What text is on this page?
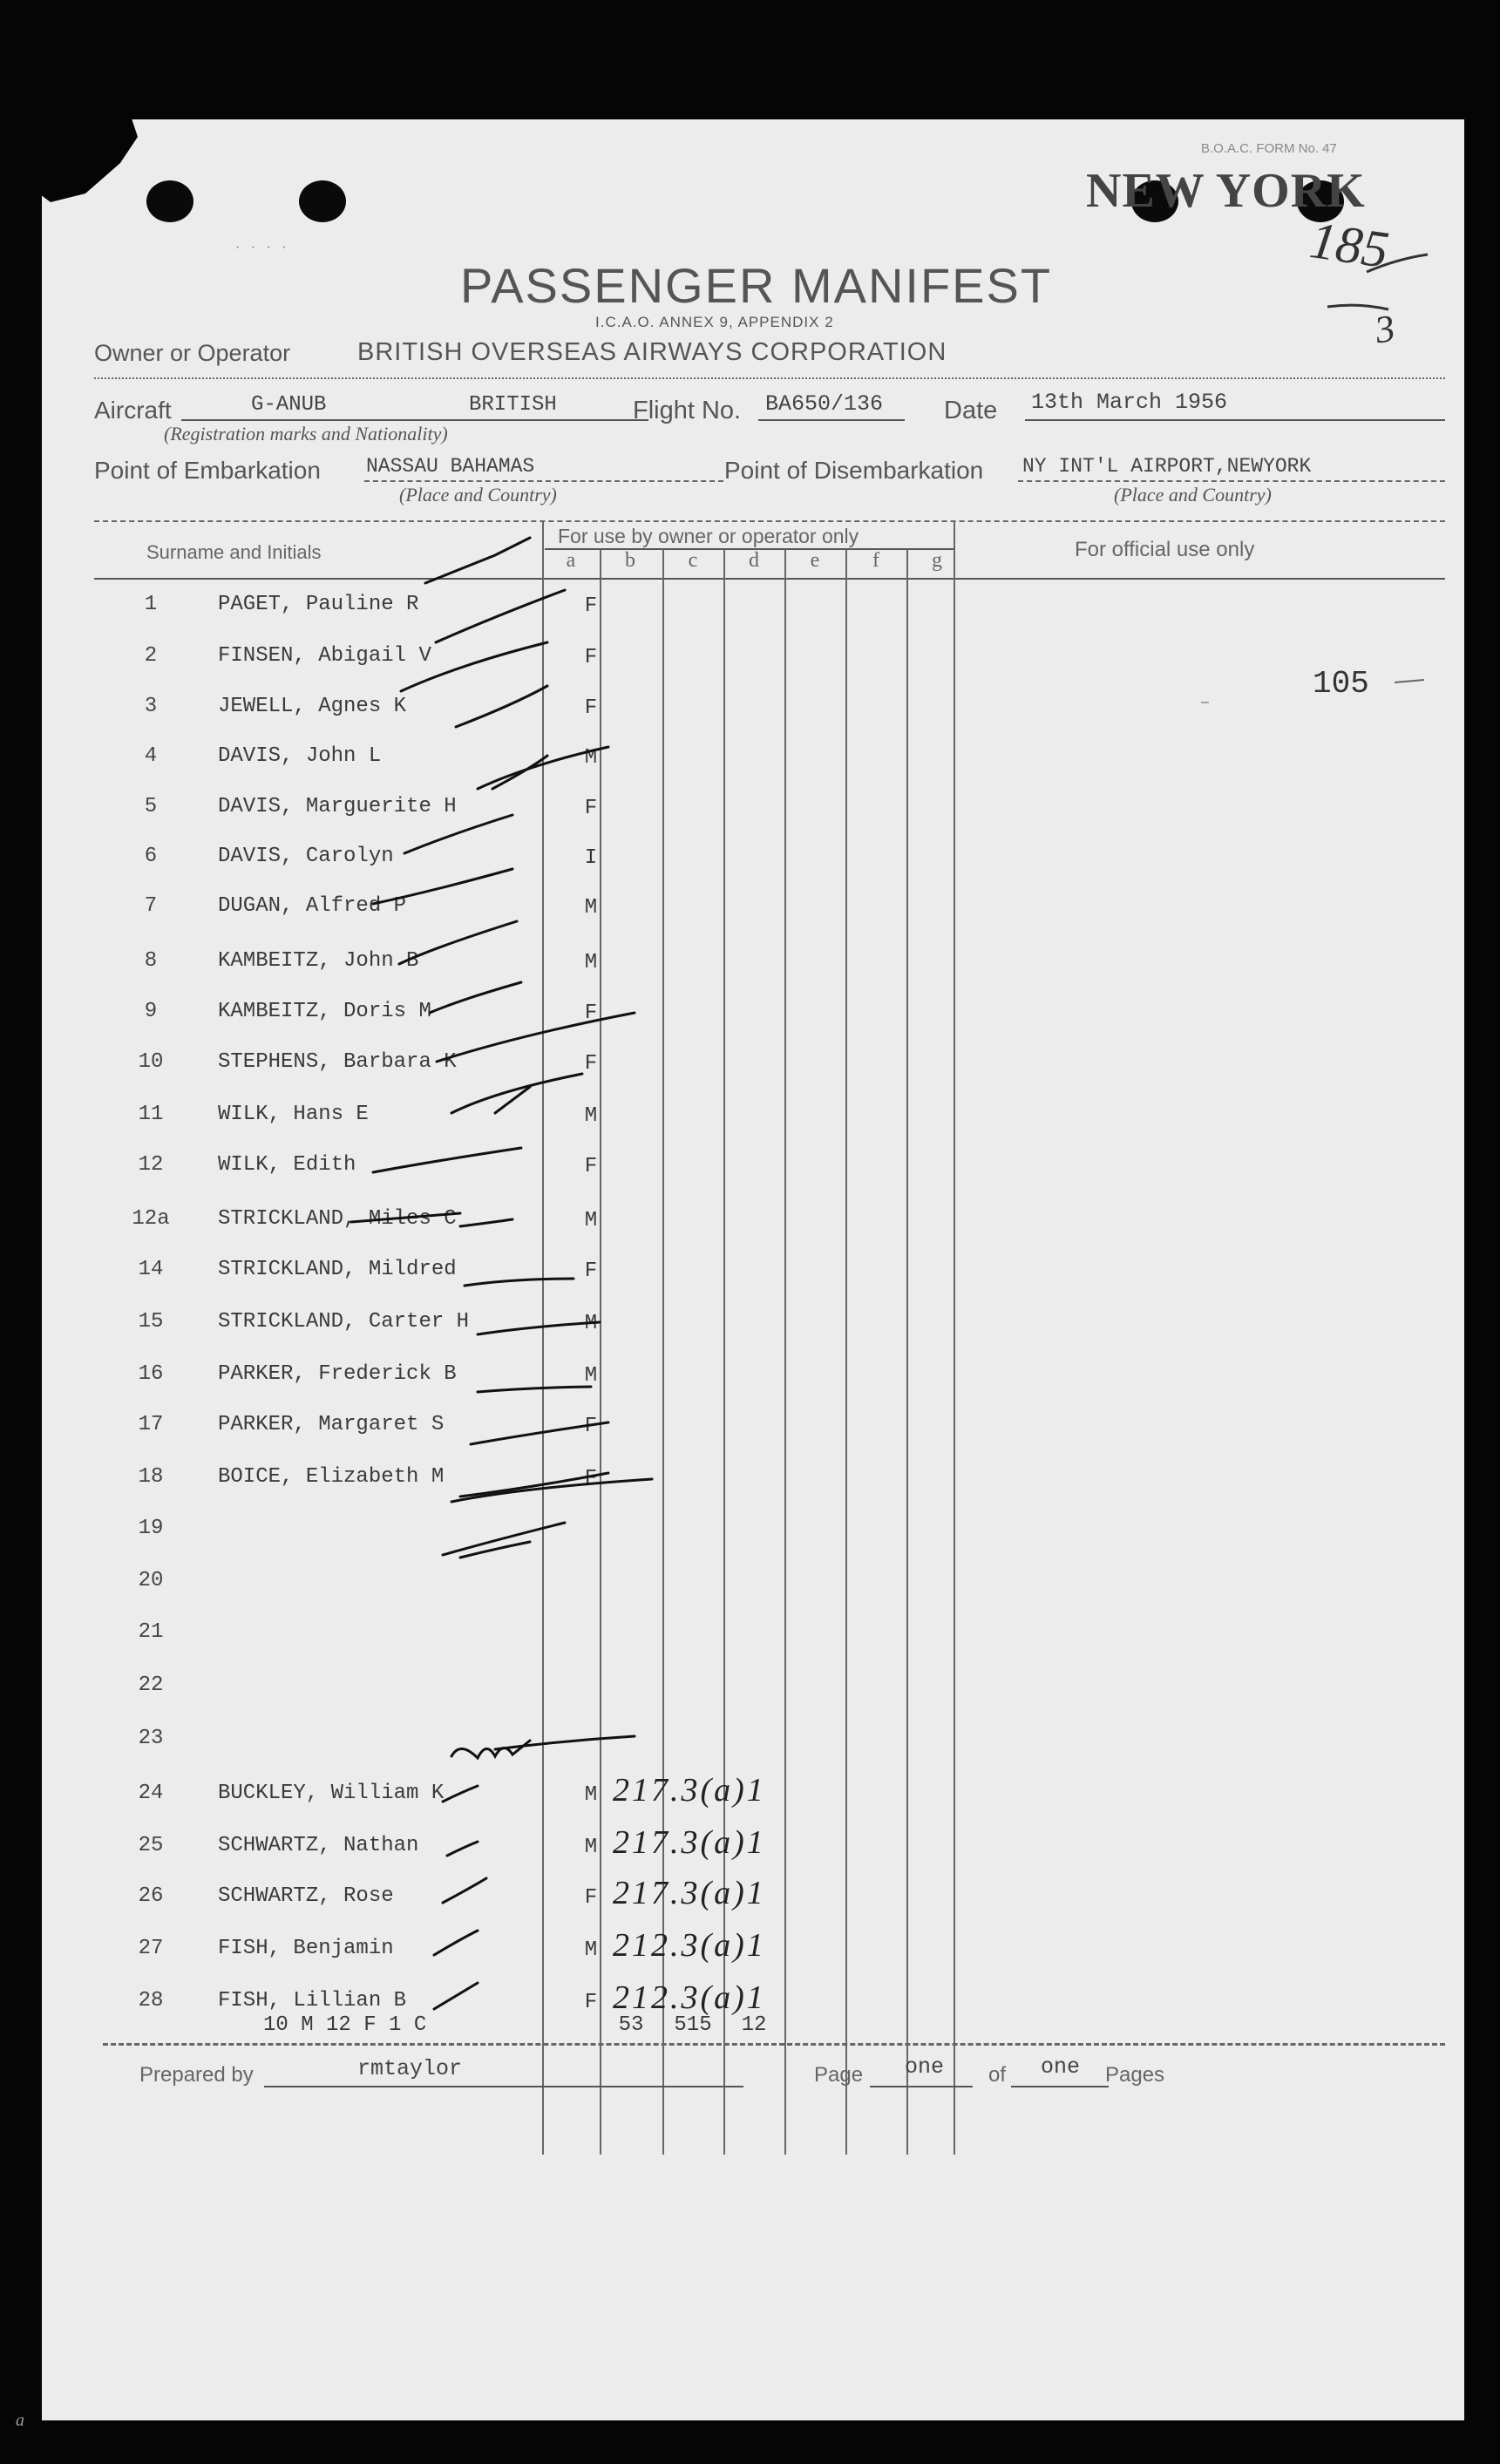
· · · ·
B.O.A.C. FORM No. 47
NEW YORK
185
3
PASSENGER MANIFEST
I.C.A.O. ANNEX 9, APPENDIX 2
Owner or Operator	BRITISH OVERSEAS AIRWAYS CORPORATION
Aircraft	G-ANUB	BRITISH
(Registration marks and Nationality)
Flight No. BA650/136 Date 13th March 1956
Point of Embarkation NASSAU BAHAMAS
(Place and Country)
Point of Disembarkation NY INT'L AIRPORT,NEWYORK
(Place and Country)
Surname and Initials
For use by owner or operator only
For official use only
a	b	c	d	e	f	g
105
–
1	PAGET, Pauline R	F
2	FINSEN, Abigail V	F
3	JEWELL, Agnes K	F
4	DAVIS, John L	M
5	DAVIS, Marguerite H	F
6	DAVIS, Carolyn	I
7	DUGAN, Alfred P	M
8	KAMBEITZ, John B	M
9	KAMBEITZ, Doris M	F
10	STEPHENS, Barbara K	F
11	WILK, Hans E	M
12	WILK, Edith	F
12a	STRICKLAND, Miles C	M
14	STRICKLAND, Mildred	F
15	STRICKLAND, Carter H	M
16	PARKER, Frederick B	M
17	PARKER, Margaret S	F
18	BOICE, Elizabeth M	F
19
20
21
22
23
24	BUCKLEY, William K	M 217.3(a)1
25	SCHWARTZ, Nathan	M 217.3(a)1
26	SCHWARTZ, Rose	F 217.3(a)1
27	FISH, Benjamin	M 212.3(a)1
28	FISH, Lillian B	F 212.3(a)1
10 M 12 F 1 C	53	515	12
Prepared by	rmtaylor	Page one of one Pages
a
